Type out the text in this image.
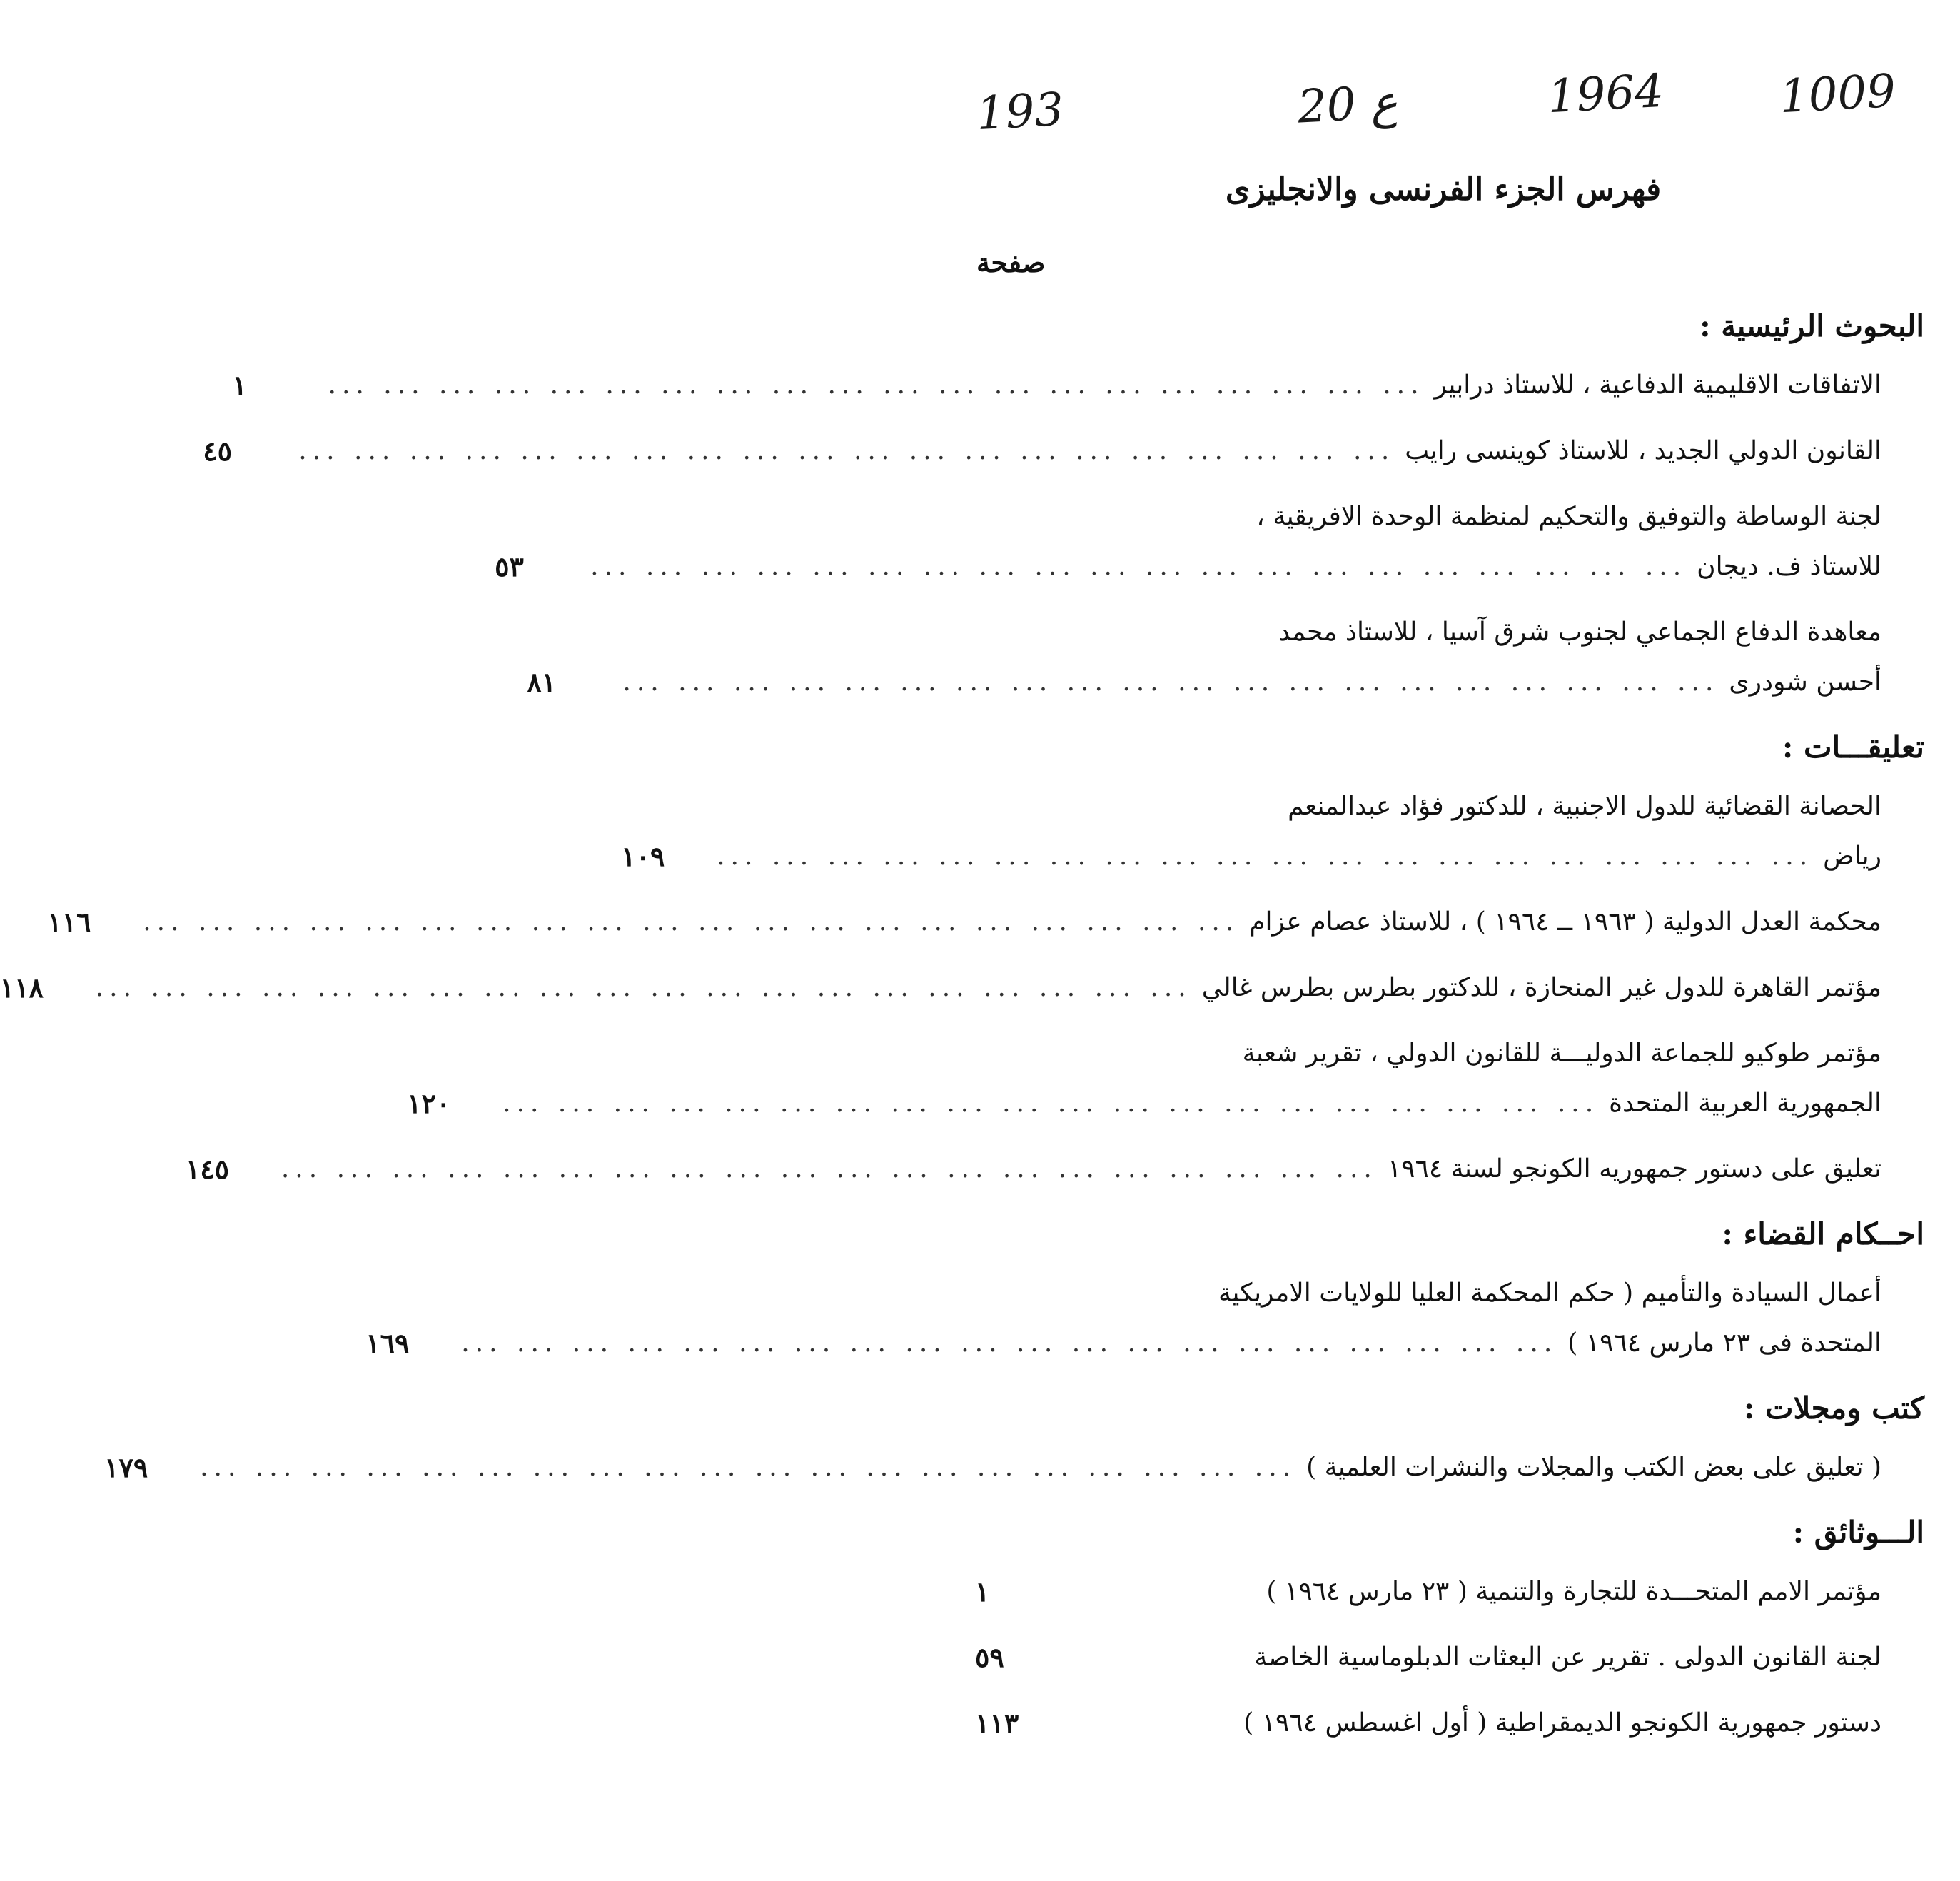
193	20 ع	1964 1009
فهرس الجزء الفرنسى والانجليزى
صفحة
البحوث الرئيسية :
الاتفاقات الاقليمية الدفاعية ، للاستاذ درابير
... ... ... ... ... ... ... ... ... ... ... ... ... ... ... ... ... ... ... ...
١
القانون الدولي الجديد ، للاستاذ كوينسى رايب
... ... ... ... ... ... ... ... ... ... ... ... ... ... ... ... ... ... ... ...
٤٥
لجنة الوساطة والتوفيق والتحكيم لمنظمة الوحدة الافريقية ،
للاستاذ ف. ديجان
... ... ... ... ... ... ... ... ... ... ... ... ... ... ... ... ... ... ... ...
٥٣
معاهدة الدفاع الجماعي لجنوب شرق آسيا ، للاستاذ محمد
أحسن شودرى
... ... ... ... ... ... ... ... ... ... ... ... ... ... ... ... ... ... ... ...
٨١
تعليقـــات :
الحصانة القضائية للدول الاجنبية ، للدكتور فؤاد عبدالمنعم
رياض
... ... ... ... ... ... ... ... ... ... ... ... ... ... ... ... ... ... ... ...
١٠٩
محكمة العدل الدولية ( ١٩٦٣ ــ ١٩٦٤ ) ، للاستاذ عصام عزام
... ... ... ... ... ... ... ... ... ... ... ... ... ... ... ... ... ... ... ...
١١٦
مؤتمر القاهرة للدول غير المنحازة ، للدكتور بطرس بطرس غالي
... ... ... ... ... ... ... ... ... ... ... ... ... ... ... ... ... ... ... ...
١١٨
مؤتمر طوكيو للجماعة الدوليـــة للقانون الدولي ، تقرير شعبة
الجمهورية العربية المتحدة
... ... ... ... ... ... ... ... ... ... ... ... ... ... ... ... ... ... ... ...
١٢٠
تعليق على دستور جمهوريه الكونجو لسنة ١٩٦٤
... ... ... ... ... ... ... ... ... ... ... ... ... ... ... ... ... ... ... ...
١٤٥
احــكام القضاء :
أعمال السيادة والتأميم ( حكم المحكمة العليا للولايات الامريكية
المتحدة فى ٢٣ مارس ١٩٦٤ )
... ... ... ... ... ... ... ... ... ... ... ... ... ... ... ... ... ... ... ...
١٦٩
كتب ومجلات :
( تعليق على بعض الكتب والمجلات والنشرات العلمية )
... ... ... ... ... ... ... ... ... ... ... ... ... ... ... ... ... ... ... ...
١٧٩
الـــوثائق :
مؤتمر الامم المتحـــدة للتجارة والتنمية ( ٢٣ مارس ١٩٦٤ )
١
لجنة القانون الدولى . تقرير عن البعثات الدبلوماسية الخاصة
٥٩
دستور جمهورية الكونجو الديمقراطية ( أول اغسطس ١٩٦٤ )
١١٣
